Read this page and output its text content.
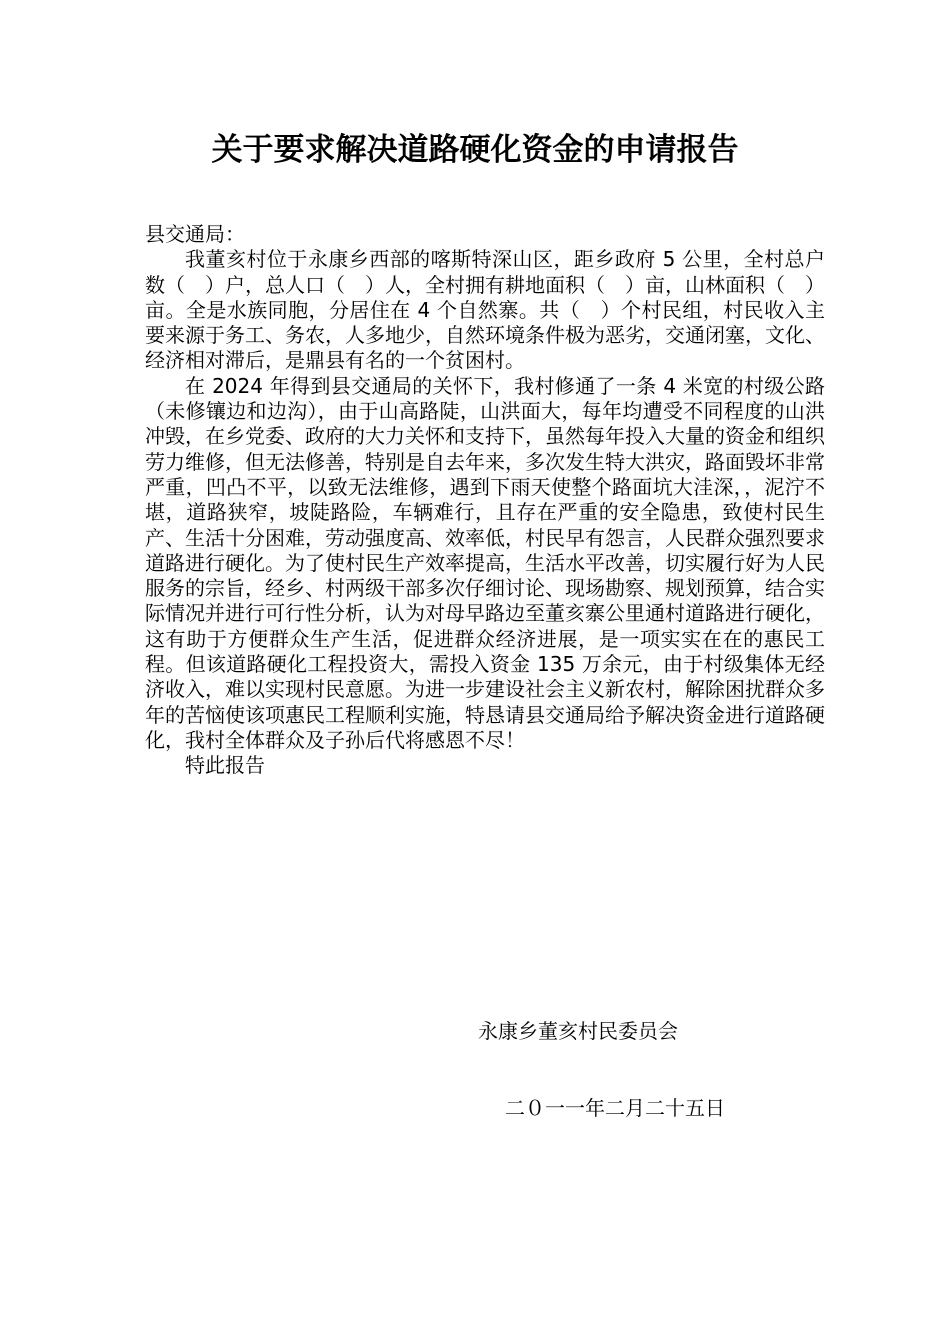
关于要求解决道路硬化资金的申请报告

县交通局：

我董亥村位于永康乡西部的喀斯特深山区，距乡政府 5 公里，全村总户数（　）户，总人口（　）人，全村拥有耕地面积（　）亩，山林面积（　）亩。全是水族同胞，分居住在 4 个自然寨。共（　）个村民组，村民收入主要来源于务工、务农，人多地少，自然环境条件极为恶劣，交通闭塞，文化、经济相对滞后，是鼎县有名的一个贫困村。

在 2024 年得到县交通局的关怀下，我村修通了一条 4 米宽的村级公路（未修镶边和边沟），由于山高路陡，山洪面大，每年均遭受不同程度的山洪冲毁，在乡党委、政府的大力关怀和支持下，虽然每年投入大量的资金和组织劳力维修，但无法修善，特别是自去年来，多次发生特大洪灾，路面毁坏非常严重，凹凸不平，以致无法维修，遇到下雨天使整个路面坑大洼深，，泥泞不堪，道路狭窄，坡陡路险，车辆难行，且存在严重的安全隐患，致使村民生产、生活十分困难，劳动强度高、效率低，村民早有怨言，人民群众强烈要求道路进行硬化。为了使村民生产效率提高，生活水平改善，切实履行好为人民服务的宗旨，经乡、村两级干部多次仔细讨论、现场勘察、规划预算，结合实际情况并进行可行性分析，认为对母早路边至董亥寨公里通村道路进行硬化，这有助于方便群众生产生活，促进群众经济进展，是一项实实在在的惠民工程。但该道路硬化工程投资大，需投入资金 135 万余元，由于村级集体无经济收入，难以实现村民意愿。为进一步建设社会主义新农村，解除困扰群众多年的苦恼使该项惠民工程顺利实施，特恳请县交通局给予解决资金进行道路硬化，我村全体群众及子孙后代将感恩不尽！

特此报告

永康乡董亥村民委员会
二０一一年二月二十五日
